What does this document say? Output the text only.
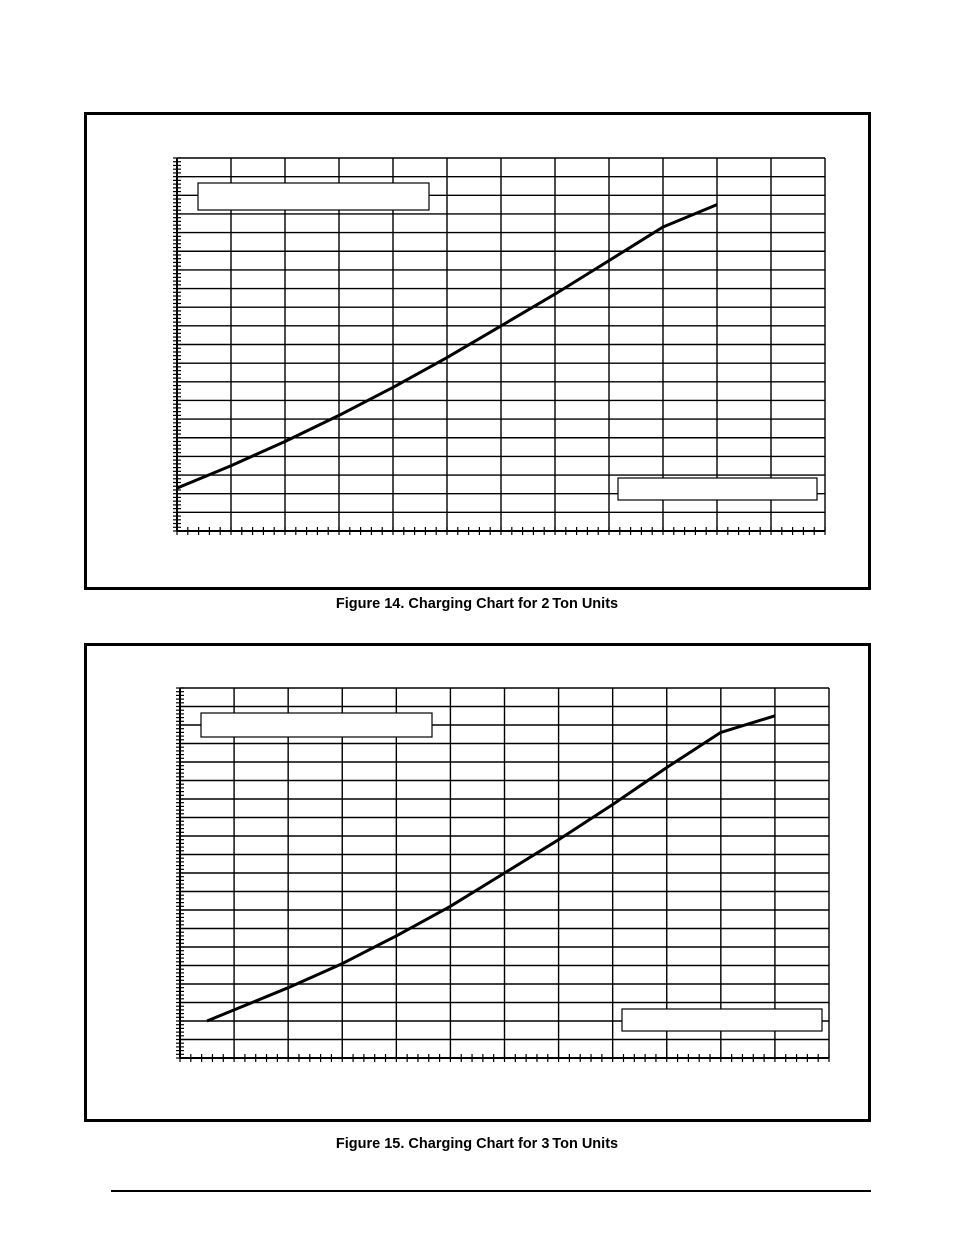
Figure 14. Charging Chart for 2 Ton Units
Figure 15. Charging Chart for 3 Ton Units
